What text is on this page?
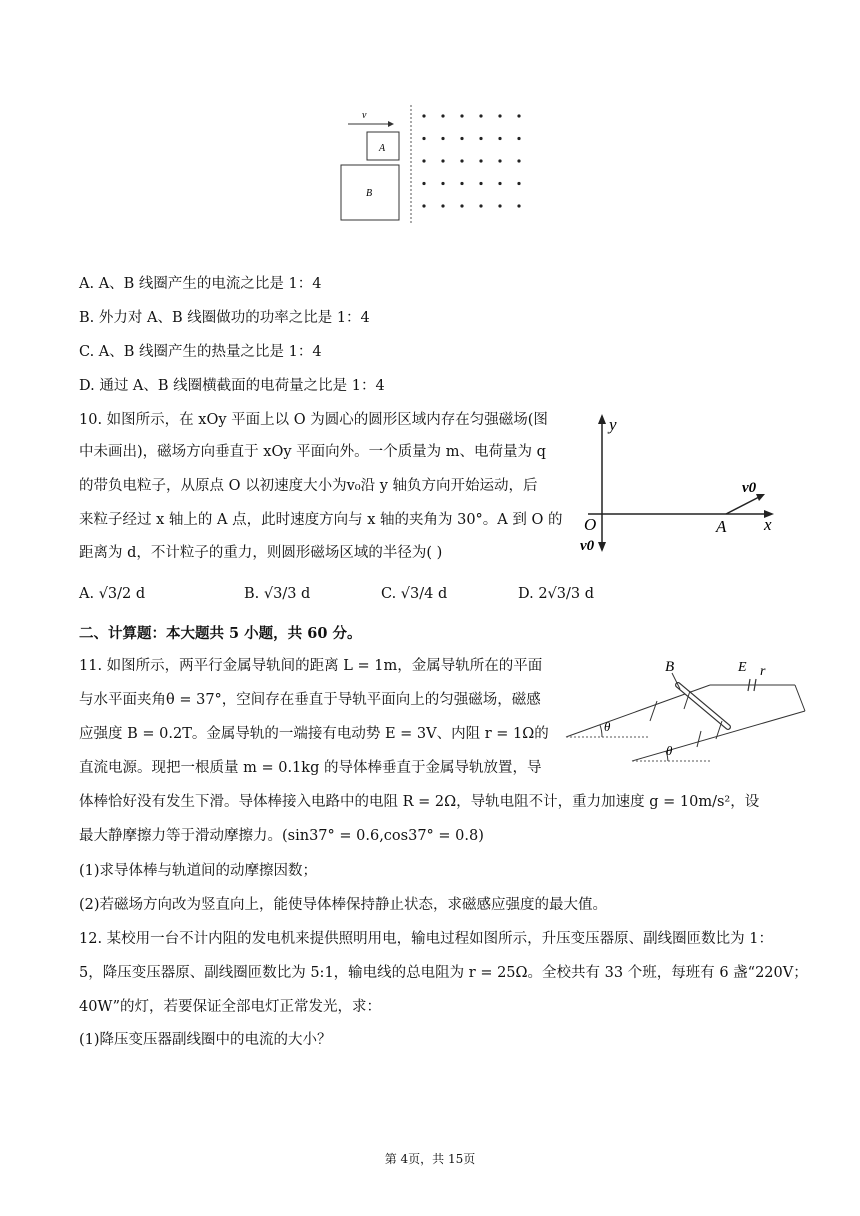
v
A
B
A. A、B 线圈产生的电流之比是 1：4
B. 外力对 A、B 线圈做功的功率之比是 1：4
C. A、B 线圈产生的热量之比是 1：4
D. 通过 A、B 线圈横截面的电荷量之比是 1：4
10. 如图所示，在 xOy 平面上以 O 为圆心的圆形区域内存在匀强磁场(图
中未画出)，磁场方向垂直于 xOy 平面向外。一个质量为 m、电荷量为 q
的带负电粒子，从原点 O 以初速度大小为v₀沿 y 轴负方向开始运动，后
来粒子经过 x 轴上的 A 点，此时速度方向与 x 轴的夹角为 30°。A 到 O 的
距离为 d，不计粒子的重力，则圆形磁场区域的半径为( )
y
x
O	A
v0
v0
A. √3/2 d	B. √3/3 d	C. √3/4 d	D. 2√3/3 d
二、计算题：本大题共 5 小题，共 60 分。
11. 如图所示，两平行金属导轨间的距离 L = 1m，金属导轨所在的平面
与水平面夹角θ = 37°，空间存在垂直于导轨平面向上的匀强磁场，磁感
应强度 B = 0.2T。金属导轨的一端接有电动势 E = 3V、内阻 r = 1Ω的
直流电源。现把一根质量 m = 0.1kg 的导体棒垂直于金属导轨放置，导
体棒恰好没有发生下滑。导体棒接入电路中的电阻 R = 2Ω，导轨电阻不计，重力加速度 g = 10m/s²，设
最大静摩擦力等于滑动摩擦力。(sin37° = 0.6,cos37° = 0.8)
(1)求导体棒与轨道间的动摩擦因数；
(2)若磁场方向改为竖直向上，能使导体棒保持静止状态，求磁感应强度的最大值。
θ
θ
B	E r
12. 某校用一台不计内阻的发电机来提供照明用电，输电过程如图所示，升压变压器原、副线圈匝数比为 1：
5，降压变压器原、副线圈匝数比为 5:1，输电线的总电阻为 r = 25Ω。全校共有 33 个班，每班有 6 盏“220V；
40W”的灯，若要保证全部电灯正常发光，求：
(1)降压变压器副线圈中的电流的大小？
第 4页，共 15页
